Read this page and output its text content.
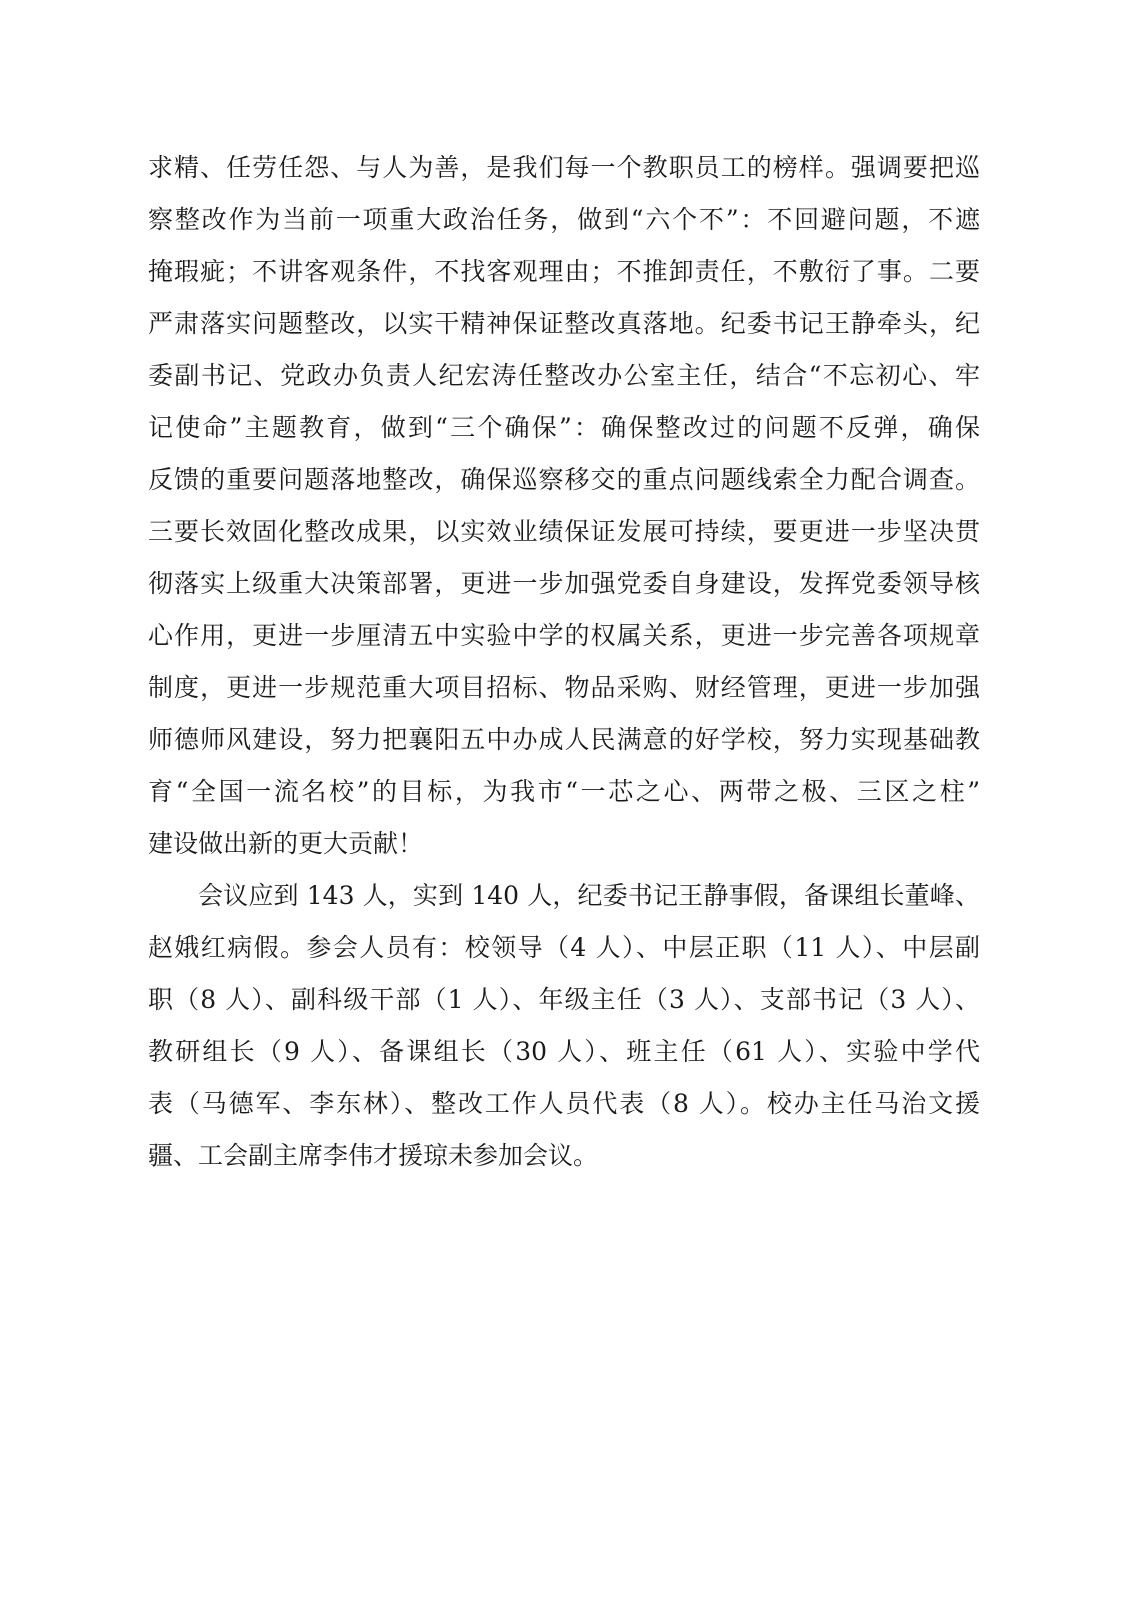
求精、任劳任怨、与人为善，是我们每一个教职员工的榜样。强调要把巡
察整改作为当前一项重大政治任务，做到“六个不”：不回避问题，不遮
掩瑕疵；不讲客观条件，不找客观理由；不推卸责任，不敷衍了事。二要
严肃落实问题整改，以实干精神保证整改真落地。纪委书记王静牵头，纪
委副书记、党政办负责人纪宏涛任整改办公室主任，结合“不忘初心、牢
记使命”主题教育，做到“三个确保”：确保整改过的问题不反弹，确保
反馈的重要问题落地整改，确保巡察移交的重点问题线索全力配合调查。
三要长效固化整改成果，以实效业绩保证发展可持续，要更进一步坚决贯
彻落实上级重大决策部署，更进一步加强党委自身建设，发挥党委领导核
心作用，更进一步厘清五中实验中学的权属关系，更进一步完善各项规章
制度，更进一步规范重大项目招标、物品采购、财经管理，更进一步加强
师德师风建设，努力把襄阳五中办成人民满意的好学校，努力实现基础教
育“全国一流名校”的目标，为我市“一芯之心、两带之极、三区之柱”
建设做出新的更大贡献！
会议应到 143 人，实到 140 人，纪委书记王静事假，备课组长董峰、
赵娥红病假。参会人员有：校领导（4 人）、中层正职（11 人）、中层副
职（8 人）、副科级干部（1 人）、年级主任（3 人）、支部书记（3 人）、
教研组长（9 人）、备课组长（30 人）、班主任（61 人）、实验中学代
表（马德军、李东林）、整改工作人员代表（8 人）。校办主任马治文援
疆、工会副主席李伟才援琼未参加会议。
